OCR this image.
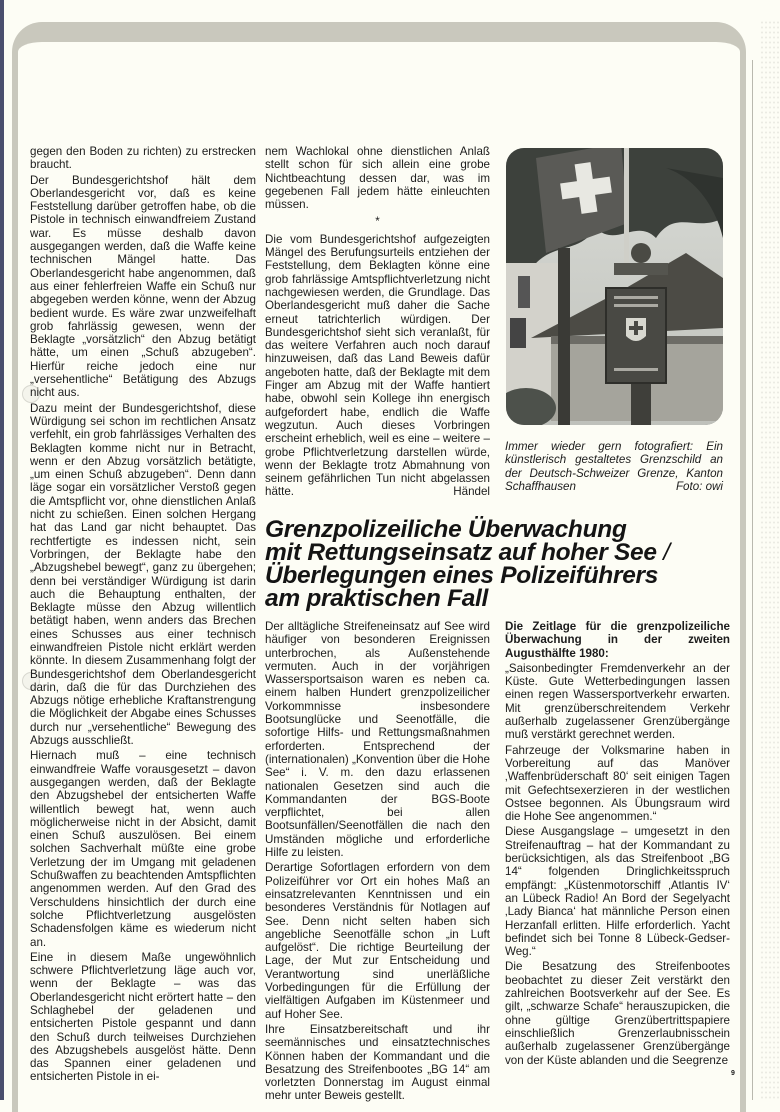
gegen den Boden zu richten) zu erstrecken braucht.

Der Bundesgerichtshof hält dem Oberlandesgericht vor, daß es keine Feststellung darüber getroffen habe, ob die Pistole in technisch einwandfreiem Zustand war. Es müsse deshalb davon ausgegangen werden, daß die Waffe keine technischen Mängel hatte. Das Oberlandesgericht habe angenommen, daß aus einer fehlerfreien Waffe ein Schuß nur abgegeben werden könne, wenn der Abzug bedient wurde. Es wäre zwar unzweifelhaft grob fahrlässig gewesen, wenn der Beklagte „vorsätzlich“ den Abzug betätigt hätte, um einen „Schuß abzugeben“. Hierfür reiche jedoch eine nur „versehentliche“ Betätigung des Abzugs nicht aus.

Dazu meint der Bundesgerichtshof, diese Würdigung sei schon im rechtlichen Ansatz verfehlt, ein grob fahrlässiges Verhalten des Beklagten komme nicht nur in Betracht, wenn er den Abzug vorsätzlich betätigte, „um einen Schuß abzugeben“. Denn dann läge sogar ein vorsätzlicher Verstoß gegen die Amtspflicht vor, ohne dienstlichen Anlaß nicht zu schießen. Einen solchen Hergang hat das Land gar nicht behauptet. Das rechtfertigte es indessen nicht, sein Vorbringen, der Beklagte habe den „Abzugshebel bewegt“, ganz zu übergehen; denn bei verständiger Würdigung ist darin auch die Behauptung enthalten, der Beklagte müsse den Abzug willentlich betätigt haben, wenn anders das Brechen eines Schusses aus einer technisch einwandfreien Pistole nicht erklärt werden könnte. In diesem Zusammenhang folgt der Bundesgerichtshof dem Oberlandesgericht darin, daß die für das Durchziehen des Abzugs nötige erhebliche Kraftanstrengung die Möglichkeit der Abgabe eines Schusses durch nur „versehentliche“ Bewegung des Abzugs ausschließt.

Hiernach muß – eine technisch einwandfreie Waffe vorausgesetzt – davon ausgegangen werden, daß der Beklagte den Abzugshebel der entsicherten Waffe willentlich bewegt hat, wenn auch möglicherweise nicht in der Absicht, damit einen Schuß auszulösen. Bei einem solchen Sachverhalt müßte eine grobe Verletzung der im Umgang mit geladenen Schußwaffen zu beachtenden Amtspflichten angenommen werden. Auf den Grad des Verschuldens hinsichtlich der durch eine solche Pflichtverletzung ausgelösten Schadensfolgen käme es wiederum nicht an.

Eine in diesem Maße ungewöhnlich schwere Pflichtverletzung läge auch vor, wenn der Beklagte – was das Oberlandesgericht nicht erörtert hatte – den Schlaghebel der geladenen und entsicherten Pistole gespannt und dann den Schuß durch teilweises Durchziehen des Abzugshebels ausgelöst hätte. Denn das Spannen einer geladenen und entsicherten Pistole in ei-

nem Wachlokal ohne dienstlichen Anlaß stellt schon für sich allein eine grobe Nichtbeachtung dessen dar, was im gegebenen Fall jedem hätte einleuchten müssen.

*

Die vom Bundesgerichtshof aufgezeigten Mängel des Berufungsurteils entziehen der Feststellung, dem Beklagten könne eine grob fahrlässige Amtspflichtverletzung nicht nachgewiesen werden, die Grundlage. Das Oberlandesgericht muß daher die Sache erneut tatrichterlich würdigen. Der Bundesgerichtshof sieht sich veranlaßt, für das weitere Verfahren auch noch darauf hinzuweisen, daß das Land Beweis dafür angeboten hatte, daß der Beklagte mit dem Finger am Abzug mit der Waffe hantiert habe, obwohl sein Kollege ihn energisch aufgefordert habe, endlich die Waffe wegzutun. Auch dieses Vorbringen erscheint erheblich, weil es eine – weitere – grobe Pflichtverletzung darstellen würde, wenn der Beklagte trotz Abmahnung von seinem gefährlichen Tun nicht abgelassen hätte.	Händel

Immer wieder gern fotografiert: Ein künstlerisch gestaltetes Grenzschild an der Deutsch-Schweizer Grenze, Kanton Schaffhausen	Foto: owi
Grenzpolizeiliche Überwachung
mit Rettungseinsatz auf hoher See /
Überlegungen eines Polizeiführers
am praktischen Fall

Der alltägliche Streifeneinsatz auf See wird häufiger von besonderen Ereignissen unterbrochen, als Außenstehende vermuten. Auch in der vorjährigen Wassersportsaison waren es neben ca. einem halben Hundert grenzpolizeilicher Vorkommnisse insbesondere Bootsunglücke und Seenotfälle, die sofortige Hilfs- und Rettungsmaßnahmen erforderten. Entsprechend der (internationalen) „Konvention über die Hohe See“ i. V. m. den dazu erlassenen nationalen Gesetzen sind auch die Kommandanten der BGS-Boote verpflichtet, bei allen Bootsunfällen/Seenotfällen die nach den Umständen mögliche und erforderliche Hilfe zu leisten.

Derartige Sofortlagen erfordern von dem Polizeiführer vor Ort ein hohes Maß an einsatzrelevanten Kenntnissen und ein besonderes Verständnis für Notlagen auf See. Denn nicht selten haben sich angebliche Seenotfälle schon „in Luft aufgelöst“. Die richtige Beurteilung der Lage, der Mut zur Entscheidung und Verantwortung sind unerläßliche Vorbedingungen für die Erfüllung der vielfältigen Aufgaben im Küstenmeer und auf Hoher See.

Ihre Einsatzbereitschaft und ihr seemännisches und einsatztechnisches Können haben der Kommandant und die Besatzung des Streifenbootes „BG 14“ am vorletzten Donnerstag im August einmal mehr unter Beweis gestellt.

Die Zeitlage für die grenzpolizeiliche Überwachung in der zweiten Augusthälfte 1980:

„Saisonbedingter Fremdenverkehr an der Küste. Gute Wetterbedingungen lassen einen regen Wassersportverkehr erwarten. Mit grenzüberschreitendem Verkehr außerhalb zugelassener Grenzübergänge muß verstärkt gerechnet werden.

Fahrzeuge der Volksmarine haben in Vorbereitung auf das Manöver ‚Waffenbrüderschaft 80‘ seit einigen Tagen mit Gefechtsexerzieren in der westlichen Ostsee begonnen. Als Übungsraum wird die Hohe See angenommen.“

Diese Ausgangslage – umgesetzt in den Streifenauftrag – hat der Kommandant zu berücksichtigen, als das Streifenboot „BG 14“ folgenden Dringlichkeitsspruch empfängt: „Küstenmotorschiff ‚Atlantis IV‘ an Lübeck Radio! An Bord der Segelyacht ‚Lady Bianca‘ hat männliche Person einen Herzanfall erlitten. Hilfe erforderlich. Yacht befindet sich bei Tonne 8 Lübeck-Gedser-Weg.“

Die Besatzung des Streifenbootes beobachtet zu dieser Zeit verstärkt den zahlreichen Bootsverkehr auf der See. Es gilt, „schwarze Schafe“ herauszupicken, die ohne gültige Grenzübertrittspapiere einschließlich Grenzerlaubnisschein außerhalb zugelassener Grenzübergänge von der Küste ablanden und die Seegrenze

9
